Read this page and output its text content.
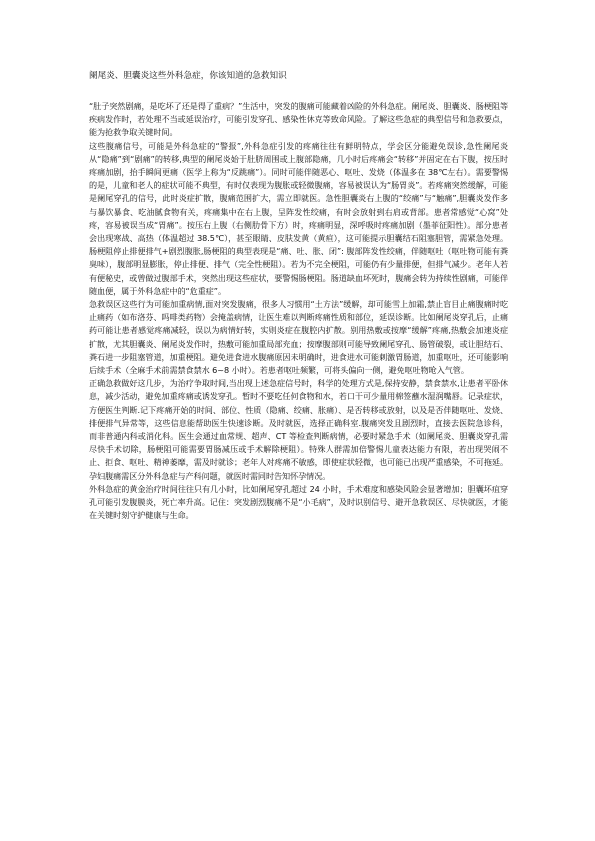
阑尾炎、胆囊炎这些外科急症，你该知道的急救知识

“肚子突然剧痛，是吃坏了还是得了重病？”生活中，突发的腹痛可能藏着凶险的外科急症。阑尾炎、胆囊炎、肠梗阻等疾病发作时，若处理不当或延误治疗，可能引发穿孔、感染性休克等致命风险。了解这些急症的典型信号和急救要点，能为抢救争取关键时间。

这些腹痛信号，可能是外科急症的“警报”,外科急症引发的疼痛往往有鲜明特点，学会区分能避免误诊,急性阑尾炎从“隐痛”到“剧痛”的转移,典型的阑尾炎始于肚脐周围或上腹部隐痛，几小时后疼痛会“转移”并固定在右下腹，按压时疼痛加剧，抬手瞬间更痛（医学上称为“反跳痛”）。同时可能伴随恶心、呕吐、发烧（体温多在 38℃左右）。需要警惕的是，儿童和老人的症状可能不典型，有时仅表现为腹胀或轻微腹痛，容易被误认为“肠胃炎”。若疼痛突然缓解，可能是阑尾穿孔的信号，此时炎症扩散，腹痛范围扩大，需立即就医。急性胆囊炎右上腹的“绞痛”与“触痛”,胆囊炎发作多与暴饮暴食、吃油腻食物有关，疼痛集中在右上腹，呈阵发性绞痛，有时会放射到右肩或背部。患者常感觉“心窝”处疼，容易被误当成“胃痛”。按压右上腹（右侧肋骨下方）时，疼痛明显，深呼吸时疼痛加剧（墨菲征阳性）。部分患者会出现寒战、高热（体温超过 38.5℃），甚至眼睛、皮肤发黄（黄疸），这可能提示胆囊结石阻塞胆管，需紧急处理。肠梗阻停止排便排气+剧烈腹胀,肠梗阻的典型表现是“痛、吐、胀、闭”: 腹部阵发性绞痛，伴随呕吐（呕吐物可能有粪臭味），腹部明显膨胀，停止排便、排气（完全性梗阻）。若为不完全梗阻，可能仍有少量排便，但排气减少。老年人若有便秘史，或曾做过腹部手术，突然出现这些症状，要警惕肠梗阻。肠道缺血坏死时，腹痛会转为持续性剧痛，可能伴随血便，属于外科急症中的“危重症”。

急救误区这些行为可能加重病情,面对突发腹痛，很多人习惯用“土方法”缓解，却可能雪上加霜,禁止盲目止痛腹痛时吃止痛药（如布洛芬、吗啡类药物）会掩盖病情，让医生难以判断疼痛性质和部位，延误诊断。比如阑尾炎穿孔后，止痛药可能让患者感觉疼痛减轻，误以为病情好转，实则炎症在腹腔内扩散。别用热敷或按摩“缓解”疼痛,热敷会加速炎症扩散，尤其胆囊炎、阑尾炎发作时，热敷可能加重局部充血；按摩腹部则可能导致阑尾穿孔、肠管破裂，或让胆结石、粪石进一步阻塞管道，加重梗阻。避免进食进水腹痛原因未明确时，进食进水可能刺激胃肠道，加重呕吐，还可能影响后续手术（全麻手术前需禁食禁水 6~8 小时）。若患者呕吐频繁，可将头偏向一侧，避免呕吐物呛入气管。

正确急救做好这几步，为治疗争取时间,当出现上述急症信号时，科学的处理方式是,保持安静，禁食禁水,让患者平卧休息，减少活动，避免加重疼痛或诱发穿孔。暂时不要吃任何食物和水，若口干可少量用棉签蘸水湿润嘴唇。记录症状，方便医生判断.记下疼痛开始的时间、部位、性质（隐痛、绞痛、胀痛）、是否转移或放射，以及是否伴随呕吐、发烧、排便排气异常等，这些信息能帮助医生快速诊断。及时就医，选择正确科室.腹痛突发且剧烈时，直接去医院急诊科，而非普通内科或消化科。医生会通过血常规、超声、CT 等检查判断病情，必要时紧急手术（如阑尾炎、胆囊炎穿孔需尽快手术切除，肠梗阻可能需要胃肠减压或手术解除梗阻）。特殊人群需加倍警惕儿童表达能力有限，若出现哭闹不止、拒食、呕吐、精神萎靡，需及时就诊；老年人对疼痛不敏感，即使症状轻微，也可能已出现严重感染，不可拖延。孕妇腹痛需区分外科急症与产科问题，就医时需同时告知怀孕情况。

外科急症的黄金治疗时间往往只有几小时，比如阑尾穿孔超过 24 小时，手术难度和感染风险会显著增加；胆囊坏疽穿孔可能引发腹膜炎，死亡率升高。记住：突发剧烈腹痛不是“小毛病”，及时识别信号、避开急救误区、尽快就医，才能在关键时刻守护健康与生命。
